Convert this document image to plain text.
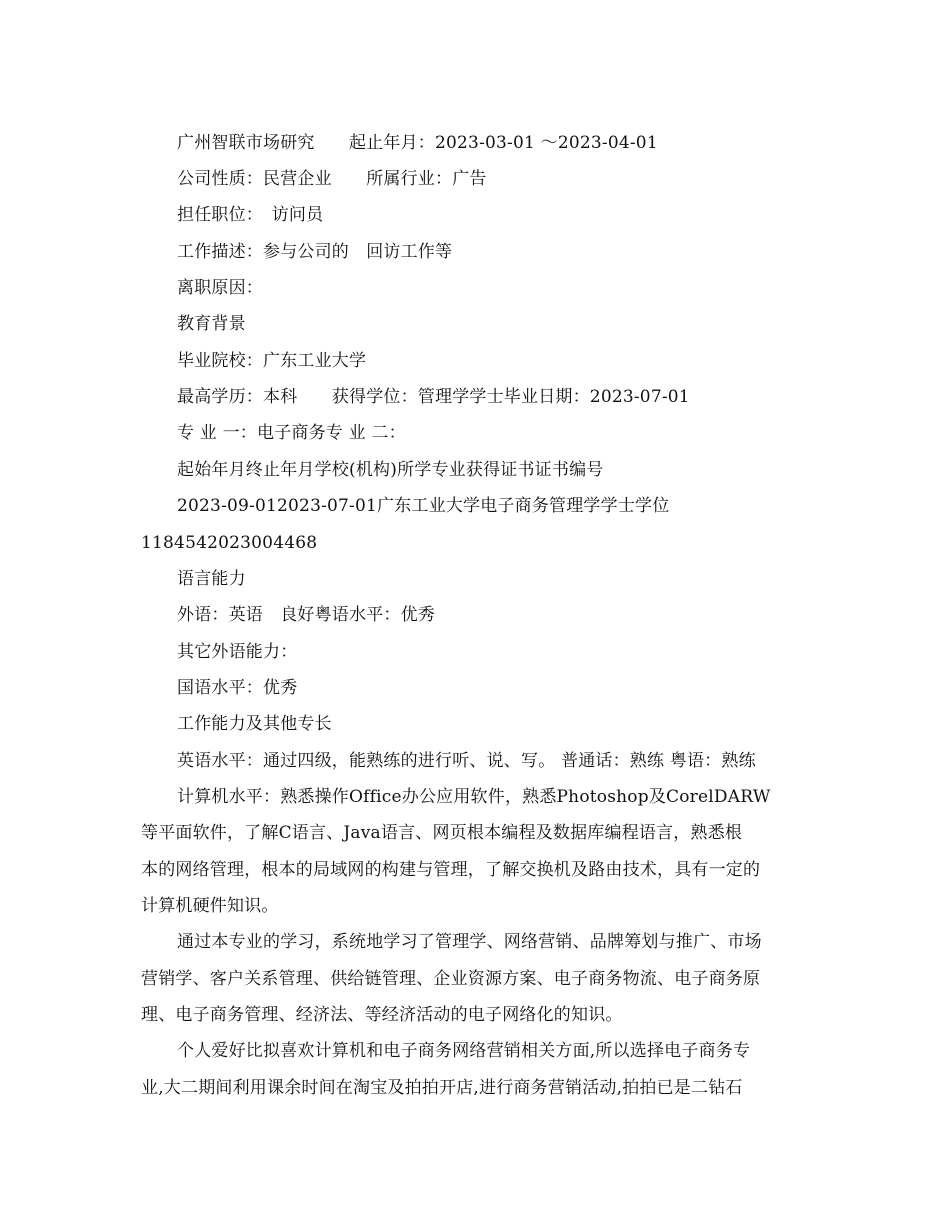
广州智联市场研究　　起止年月：2023-03-01 ～2023-04-01
公司性质：民营企业　　所属行业：广告
担任职位：　访问员
工作描述：参与公司的　回访工作等
离职原因：
教育背景
毕业院校：广东工业大学
最高学历：本科　　获得学位：管理学学士毕业日期：2023-07-01
专 业 一：电子商务专 业 二：
起始年月终止年月学校(机构)所学专业获得证书证书编号
2023-09-012023-07-01广东工业大学电子商务管理学学士学位
1184542023004468
语言能力
外语：英语　良好粤语水平：优秀
其它外语能力：
国语水平：优秀
工作能力及其他专长
英语水平：通过四级，能熟练的进行听、说、写。 普通话：熟练 粤语：熟练
计算机水平：熟悉操作Office办公应用软件，熟悉Photoshop及CorelDARW
等平面软件，了解C语言、Java语言、网页根本编程及数据库编程语言，熟悉根
本的网络管理，根本的局域网的构建与管理，了解交换机及路由技术，具有一定的
计算机硬件知识。
通过本专业的学习，系统地学习了管理学、网络营销、品牌筹划与推广、市场
营销学、客户关系管理、供给链管理、企业资源方案、电子商务物流、电子商务原
理、电子商务管理、经济法、等经济活动的电子网络化的知识。
个人爱好比拟喜欢计算机和电子商务网络营销相关方面,所以选择电子商务专
业,大二期间利用课余时间在淘宝及拍拍开店,进行商务营销活动,拍拍已是二钻石
